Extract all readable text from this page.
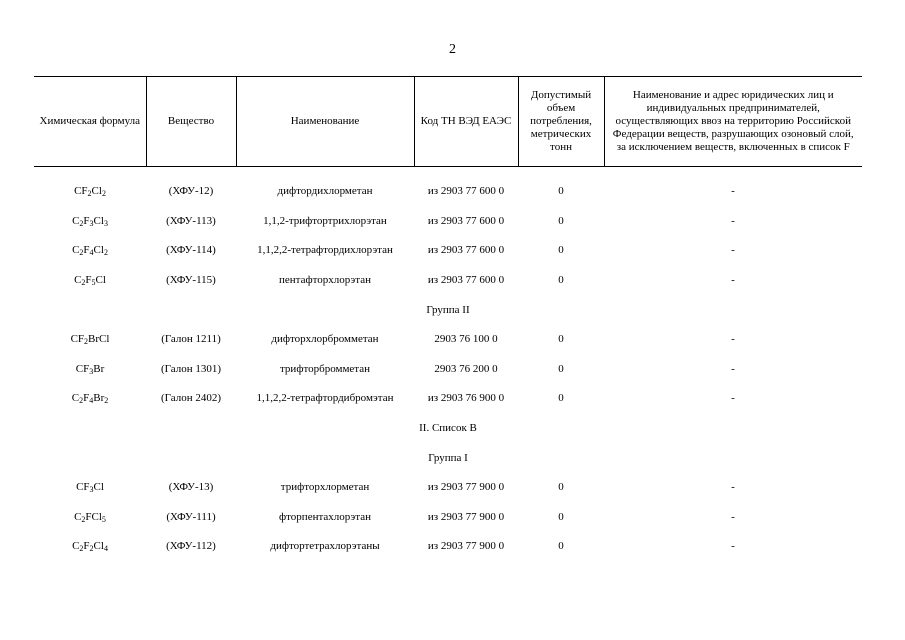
2
Химическая формула	Вещество	Наименование	Код ТН ВЭД ЕАЭС	Допустимый объем потребления, метрических тонн	Наименование и адрес юридических лиц и индивидуальных предпринимателей, осуществляющих ввоз на территорию Российской Федерации веществ, разрушающих озоновый слой, за исключением веществ, включенных в список F

$CF_2Cl_2$	(ХФУ-12)	дифтордихлорметан	из 2903 77 600 0	0	-
$C_2F_3Cl_3$	(ХФУ-113)	1,1,2-трифтортрихлорэтан	из 2903 77 600 0	0	-
$C_2F_4Cl_2$	(ХФУ-114)	1,1,2,2-тетрафтордихлорэтан	из 2903 77 600 0	0	-
$C_2F_5Cl$	(ХФУ-115)	пентафторхлорэтан	из 2903 77 600 0	0	-
Группа II					
$CF_2BrCl$	(Галон 1211)	дифторхлорбромметан	2903 76 100 0	0	-
$CF_3Br$	(Галон 1301)	трифторбромметан	2903 76 200 0	0	-
$C_2F_4Br_2$	(Галон 2402)	1,1,2,2-тетрафтордибромэтан	из 2903 76 900 0	0	-
II. Список В					
Группа I					
$CF_3Cl$	(ХФУ-13)	трифторхлорметан	из 2903 77 900 0	0	-
$C_2FCl_5$	(ХФУ-111)	фторпентахлорэтан	из 2903 77 900 0	0	-
$C_2F_2Cl_4$	(ХФУ-112)	дифтортетрахлорэтаны	из 2903 77 900 0	0	-
